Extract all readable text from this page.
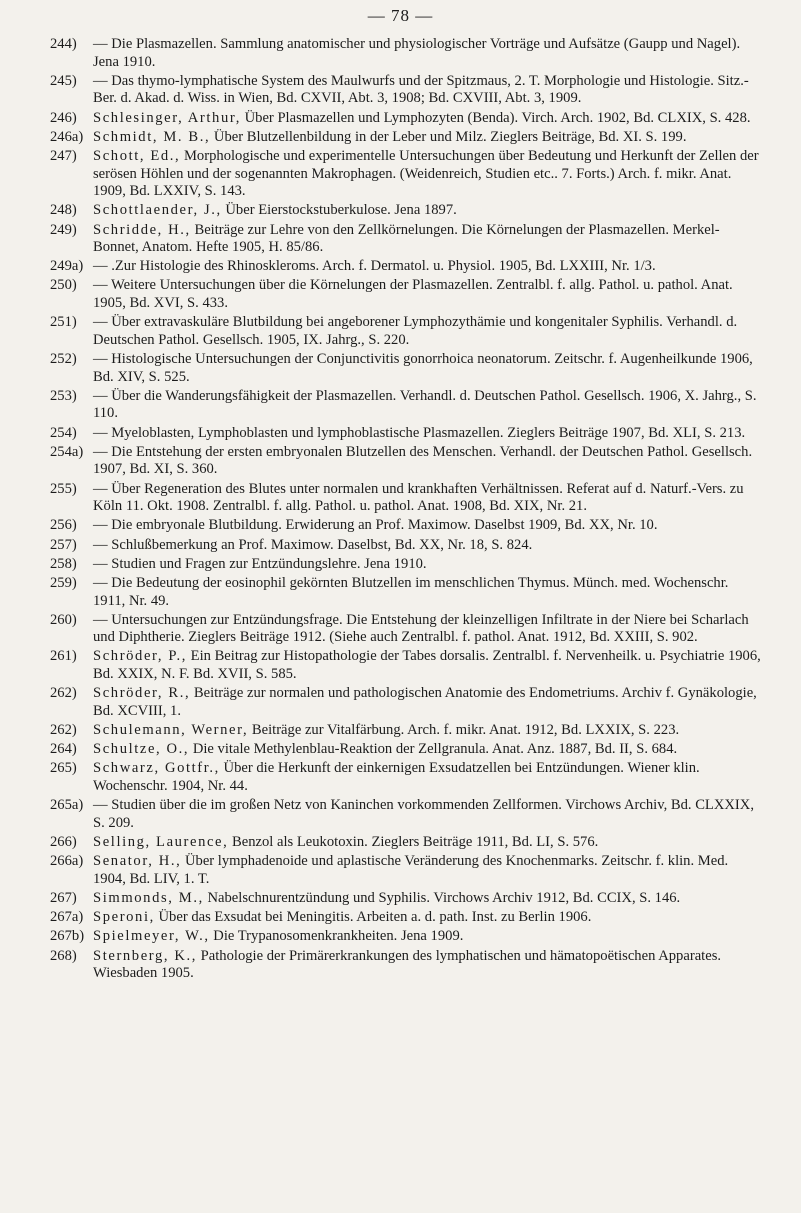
— 78 —
244)	— Die Plasmazellen. Sammlung anatomischer und physiologischer Vorträge und Aufsätze (Gaupp und Nagel). Jena 1910.
245)	— Das thymo-lymphatische System des Maulwurfs und der Spitzmaus, 2. T. Morphologie und Histologie. Sitz.-Ber. d. Akad. d. Wiss. in Wien, Bd. CXVII, Abt. 3, 1908; Bd. CXVIII, Abt. 3, 1909.
246)	Schlesinger, Arthur, Über Plasmazellen und Lymphozyten (Benda). Virch. Arch. 1902, Bd. CLXIX, S. 428.
246a) Schmidt, M. B., Über Blutzellenbildung in der Leber und Milz. Zieglers Beiträge, Bd. XI. S. 199.
247)	Schott, Ed., Morphologische und experimentelle Untersuchungen über Bedeutung und Herkunft der Zellen der serösen Höhlen und der sogenannten Makrophagen. (Weidenreich, Studien etc.. 7. Forts.) Arch. f. mikr. Anat. 1909, Bd. LXXIV, S. 143.
248)	Schottlaender, J., Über Eierstockstuberkulose. Jena 1897.
249)	Schridde, H., Beiträge zur Lehre von den Zellkörnelungen. Die Körnelungen der Plasmazellen. Merkel-Bonnet, Anatom. Hefte 1905, H. 85/86.
249a) — .Zur Histologie des Rhinoskleroms. Arch. f. Dermatol. u. Physiol. 1905, Bd. LXXIII, Nr. 1/3.
250)	— Weitere Untersuchungen über die Körnelungen der Plasmazellen. Zentralbl. f. allg. Pathol. u. pathol. Anat. 1905, Bd. XVI, S. 433.
251)	— Über extravaskuläre Blutbildung bei angeborener Lymphozythämie und kongenitaler Syphilis. Verhandl. d. Deutschen Pathol. Gesellsch. 1905, IX. Jahrg., S. 220.
252)	— Histologische Untersuchungen der Conjunctivitis gonorrhoica neonatorum. Zeitschr. f. Augenheilkunde 1906, Bd. XIV, S. 525.
253)	— Über die Wanderungsfähigkeit der Plasmazellen. Verhandl. d. Deutschen Pathol. Gesellsch. 1906, X. Jahrg., S. 110.
254)	— Myeloblasten, Lymphoblasten und lymphoblastische Plasmazellen. Zieglers Beiträge 1907, Bd. XLI, S. 213.
254a) — Die Entstehung der ersten embryonalen Blutzellen des Menschen. Verhandl. der Deutschen Pathol. Gesellsch. 1907, Bd. XI, S. 360.
255)	— Über Regeneration des Blutes unter normalen und krankhaften Verhältnissen. Referat auf d. Naturf.-Vers. zu Köln 11. Okt. 1908. Zentralbl. f. allg. Pathol. u. pathol. Anat. 1908, Bd. XIX, Nr. 21.
256)	— Die embryonale Blutbildung. Erwiderung an Prof. Maximow. Daselbst 1909, Bd. XX, Nr. 10.
257)	— Schlußbemerkung an Prof. Maximow. Daselbst, Bd. XX, Nr. 18, S. 824.
258)	— Studien und Fragen zur Entzündungslehre. Jena 1910.
259)	— Die Bedeutung der eosinophil gekörnten Blutzellen im menschlichen Thymus. Münch. med. Wochenschr. 1911, Nr. 49.
260)	— Untersuchungen zur Entzündungsfrage. Die Entstehung der kleinzelligen Infiltrate in der Niere bei Scharlach und Diphtherie. Zieglers Beiträge 1912. (Siehe auch Zentralbl. f. pathol. Anat. 1912, Bd. XXIII, S. 902.
261)	Schröder, P., Ein Beitrag zur Histopathologie der Tabes dorsalis. Zentralbl. f. Nervenheilk. u. Psychiatrie 1906, Bd. XXIX, N. F. Bd. XVII, S. 585.
262)	Schröder, R., Beiträge zur normalen und pathologischen Anatomie des Endometriums. Archiv f. Gynäkologie, Bd. XCVIII, 1.
262)	Schulemann, Werner, Beiträge zur Vitalfärbung. Arch. f. mikr. Anat. 1912, Bd. LXXIX, S. 223.
264)	Schultze, O., Die vitale Methylenblau-Reaktion der Zellgranula. Anat. Anz. 1887, Bd. II, S. 684.
265)	Schwarz, Gottfr., Über die Herkunft der einkernigen Exsudatzellen bei Entzündungen. Wiener klin. Wochenschr. 1904, Nr. 44.
265a) — Studien über die im großen Netz von Kaninchen vorkommenden Zellformen. Virchows Archiv, Bd. CLXXIX, S. 209.
266)	Selling, Laurence, Benzol als Leukotoxin. Zieglers Beiträge 1911, Bd. LI, S. 576.
266a) Senator, H., Über lymphadenoide und aplastische Veränderung des Knochenmarks. Zeitschr. f. klin. Med. 1904, Bd. LIV, 1. T.
267)	Simmonds, M., Nabelschnurentzündung und Syphilis. Virchows Archiv 1912, Bd. CCIX, S. 146.
267a) Speroni, Über das Exsudat bei Meningitis. Arbeiten a. d. path. Inst. zu Berlin 1906.
267b) Spielmeyer, W., Die Trypanosomenkrankheiten. Jena 1909.
268)	Sternberg, K., Pathologie der Primärerkrankungen des lymphatischen und hämatopoëtischen Apparates. Wiesbaden 1905.
